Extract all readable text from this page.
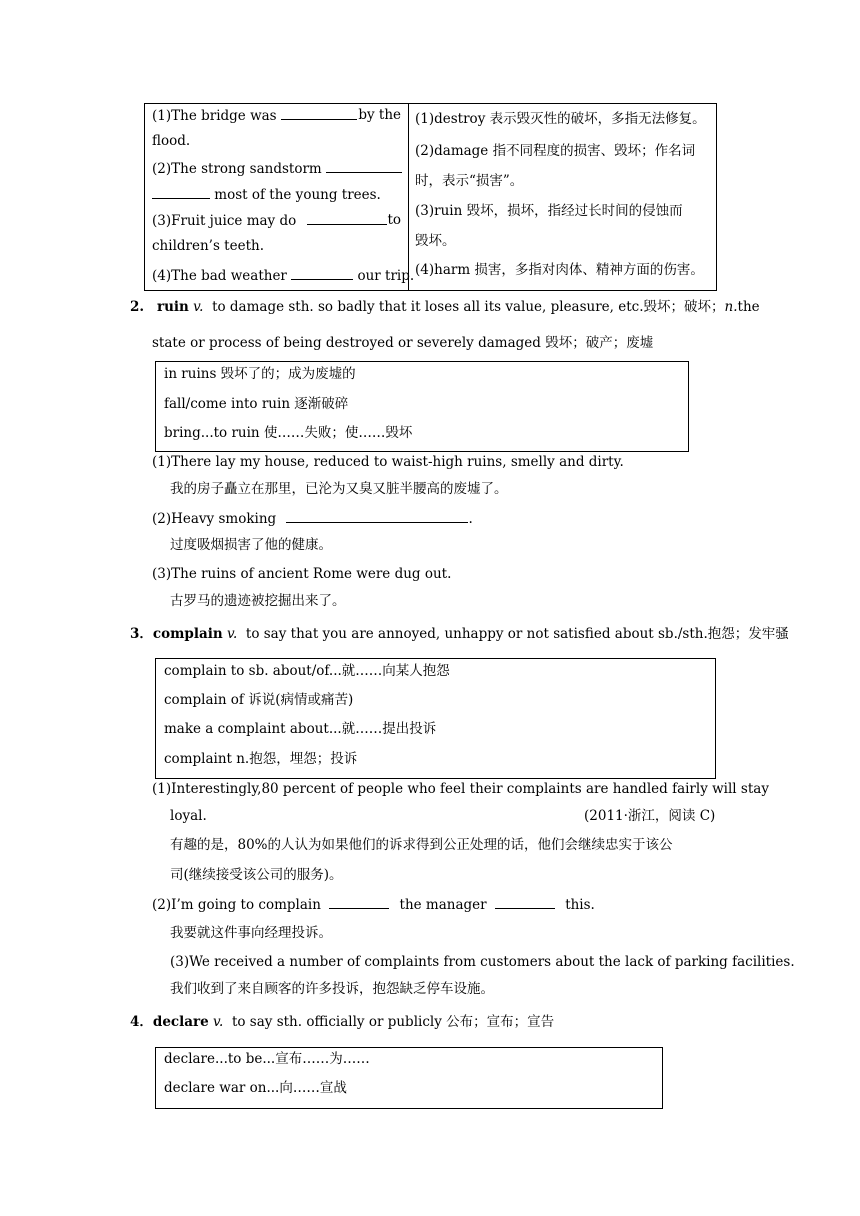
(1)The bridge was	by the
flood.
(2)The strong sandstorm
most of the young trees.
(3)Fruit juice may do	to
children’s teeth.
(4)The bad weather	our trip.
(1)destroy 表示毁灭性的破坏，多指无法修复。
(2)damage 指不同程度的损害、毁坏；作名词
时，表示“损害”。
(3)ruin 毁坏，损坏，指经过长时间的侵蚀而
毁坏。
(4)harm 损害，多指对肉体、精神方面的伤害。
2. ruin v. to damage sth. so badly that it loses all its value, pleasure, etc.毁坏；破坏；n.the
state or process of being destroyed or severely damaged 毁坏；破产；废墟
in ruins 毁坏了的；成为废墟的
fall/come into ruin 逐渐破碎
bring...to ruin 使……失败；使……毁坏
(1)There lay my house, reduced to waist-high ruins, smelly and dirty.
我的房子矗立在那里，已沦为又臭又脏半腰高的废墟了。
(2)Heavy smoking	.
过度吸烟损害了他的健康。
(3)The ruins of ancient Rome were dug out.
古罗马的遗迹被挖掘出来了。
3．complain v. to say that you are annoyed, unhappy or not satisfied about sb./sth.抱怨；发牢骚
complain to sb. about/of...就……向某人抱怨
complain of 诉说(病情或痛苦)
make a complaint about...就……提出投诉
complaint n.抱怨，埋怨；投诉
(1)Interestingly,80 percent of people who feel their complaints are handled fairly will stay
loyal.	(2011·浙江，阅读 C)
有趣的是，80%的人认为如果他们的诉求得到公正处理的话，他们会继续忠实于该公
司(继续接受该公司的服务)。
(2)I’m going to complain	the manager	this.
我要就这件事向经理投诉。
(3)We received a number of complaints from customers about the lack of parking facilities.
我们收到了来自顾客的许多投诉，抱怨缺乏停车设施。
4．declare v. to say sth. officially or publicly 公布；宣布；宣告
declare...to be...宣布……为……
declare war on...向……宣战
